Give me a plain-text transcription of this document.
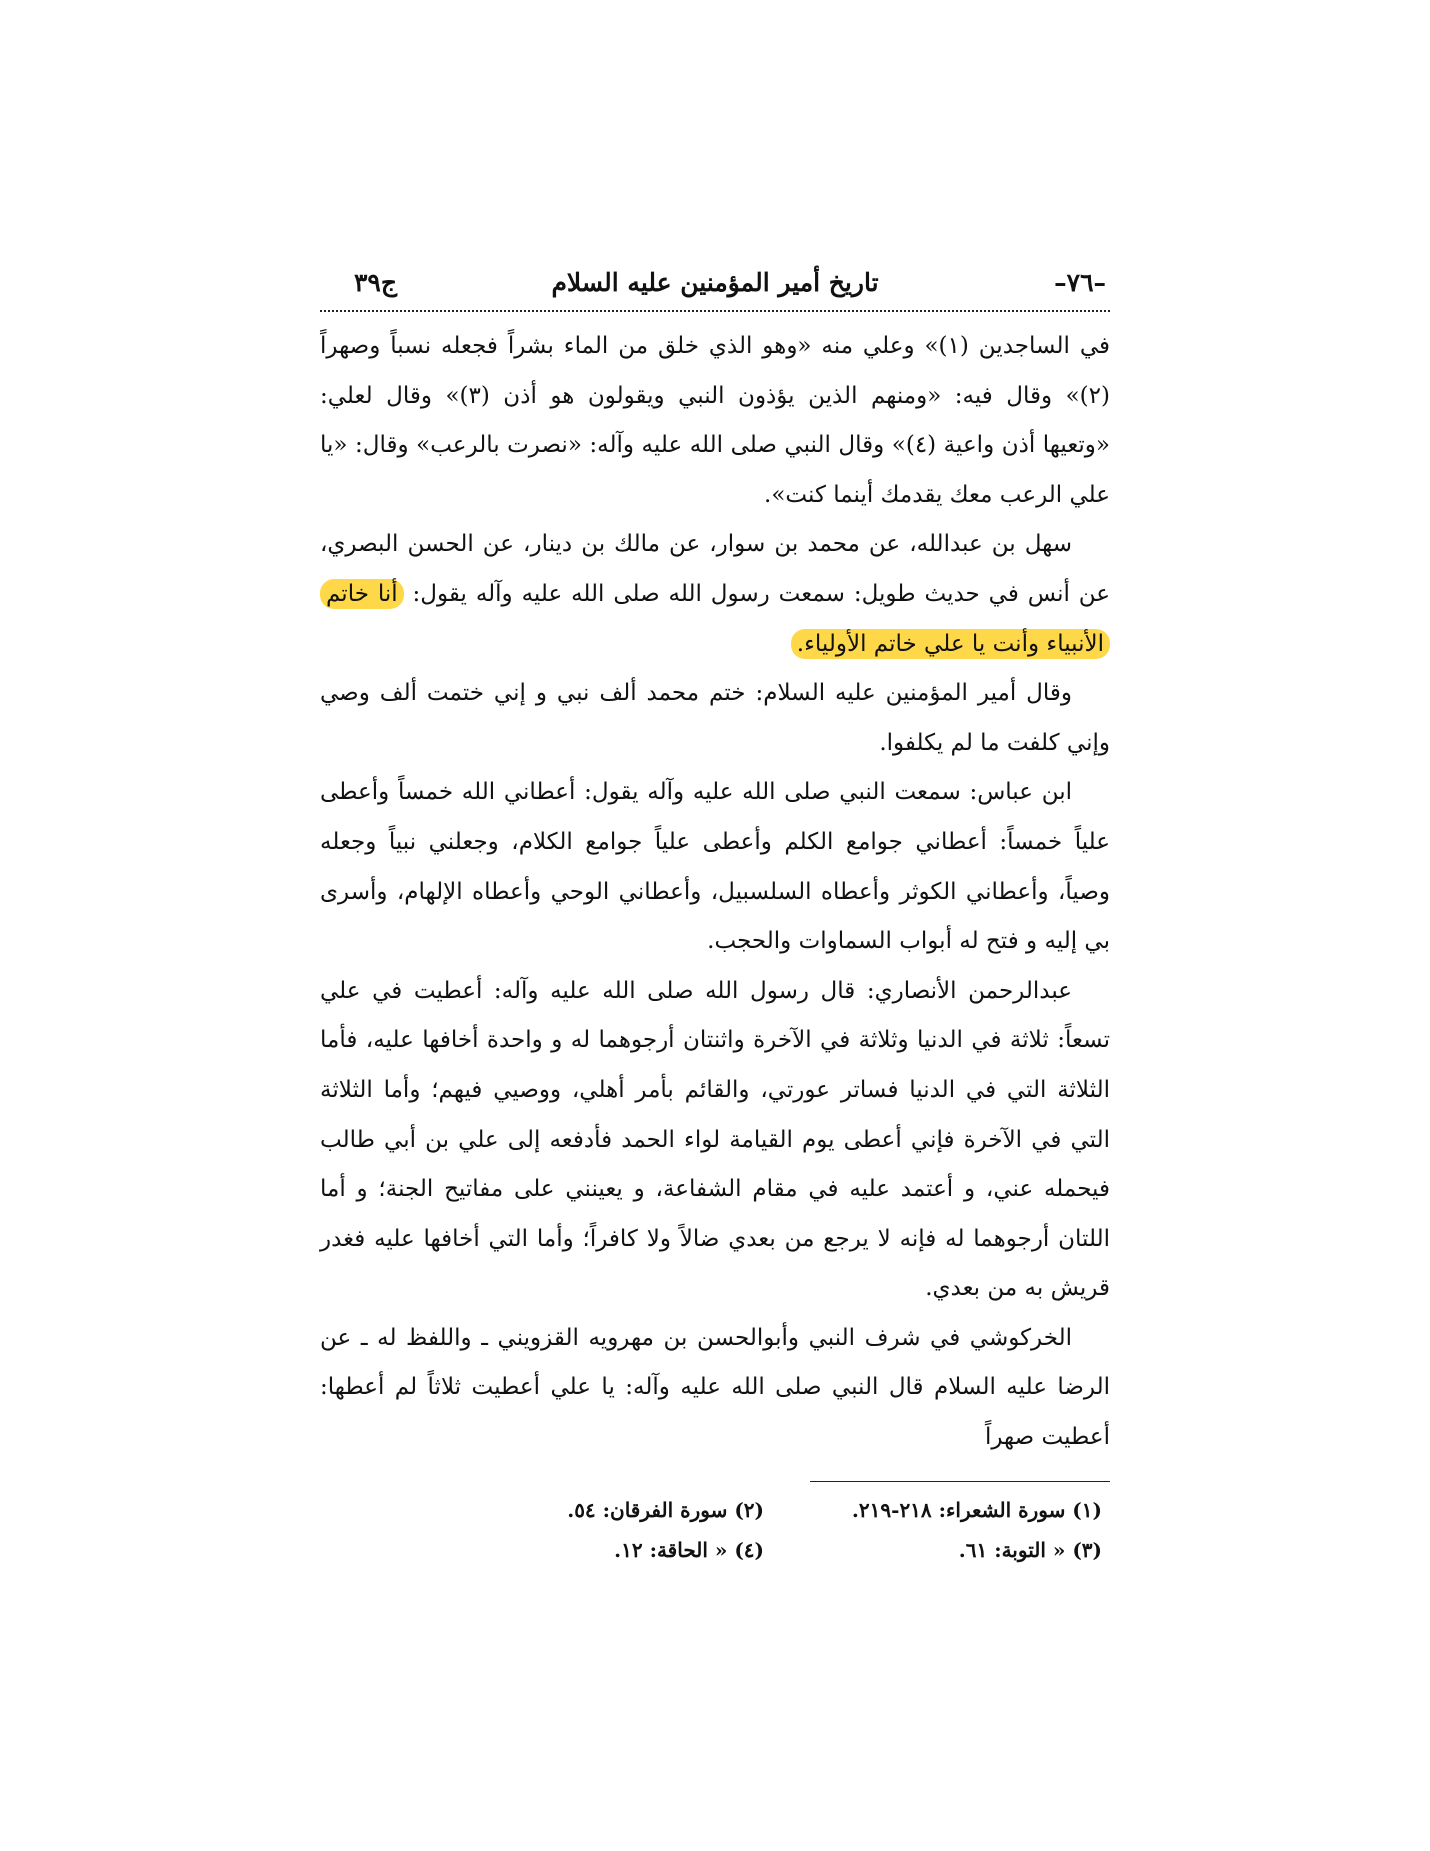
–٧٦–
تاريخ أمير المؤمنين عليه السلام
ج٣٩

في الساجدين (١)» وعلي منه «وهو الذي خلق من الماء بشراً فجعله نسباً وصهراً (٢)» وقال فيه: «ومنهم الذين يؤذون النبي ويقولون هو أذن (٣)» وقال لعلي: «وتعيها أذن واعية (٤)» وقال النبي صلى الله عليه وآله: «نصرت بالرعب» وقال: «يا علي الرعب معك يقدمك أينما كنت».

سهل بن عبدالله، عن محمد بن سوار، عن مالك بن دينار، عن الحسن البصري، عن أنس في حديث طويل: سمعت رسول الله صلى الله عليه وآله يقول: أنا خاتم الأنبياء وأنت يا علي خاتم الأولياء.

وقال أمير المؤمنين عليه السلام: ختم محمد ألف نبي و إني ختمت ألف وصي وإني كلفت ما لم يكلفوا.

ابن عباس: سمعت النبي صلى الله عليه وآله يقول: أعطاني الله خمساً وأعطى علياً خمساً: أعطاني جوامع الكلم وأعطى علياً جوامع الكلام، وجعلني نبياً وجعله وصياً، وأعطاني الكوثر وأعطاه السلسبيل، وأعطاني الوحي وأعطاه الإلهام، وأسرى بي إليه و فتح له أبواب السماوات والحجب.

عبدالرحمن الأنصاري: قال رسول الله صلى الله عليه وآله: أعطيت في علي تسعاً: ثلاثة في الدنيا وثلاثة في الآخرة واثنتان أرجوهما له و واحدة أخافها عليه، فأما الثلاثة التي في الدنيا فساتر عورتي، والقائم بأمر أهلي، ووصيي فيهم؛ وأما الثلاثة التي في الآخرة فإني أعطى يوم القيامة لواء الحمد فأدفعه إلى علي بن أبي طالب فيحمله عني، و أعتمد عليه في مقام الشفاعة، و يعينني على مفاتيح الجنة؛ و أما اللتان أرجوهما له فإنه لا يرجع من بعدي ضالاً ولا كافراً؛ وأما التي أخافها عليه فغدر قريش به من بعدي.

الخركوشي في شرف النبي وأبوالحسن بن مهرويه القزويني ـ واللفظ له ـ عن الرضا عليه السلام قال النبي صلى الله عليه وآله: يا علي أعطيت ثلاثاً لم أعطها: أعطيت صهراً

(١) سورة الشعراء: ٢١٨-٢١٩.
(٢) سورة الفرقان: ٥٤.
(٣) « التوبة: ٦١.
(٤) « الحاقة: ١٢.
